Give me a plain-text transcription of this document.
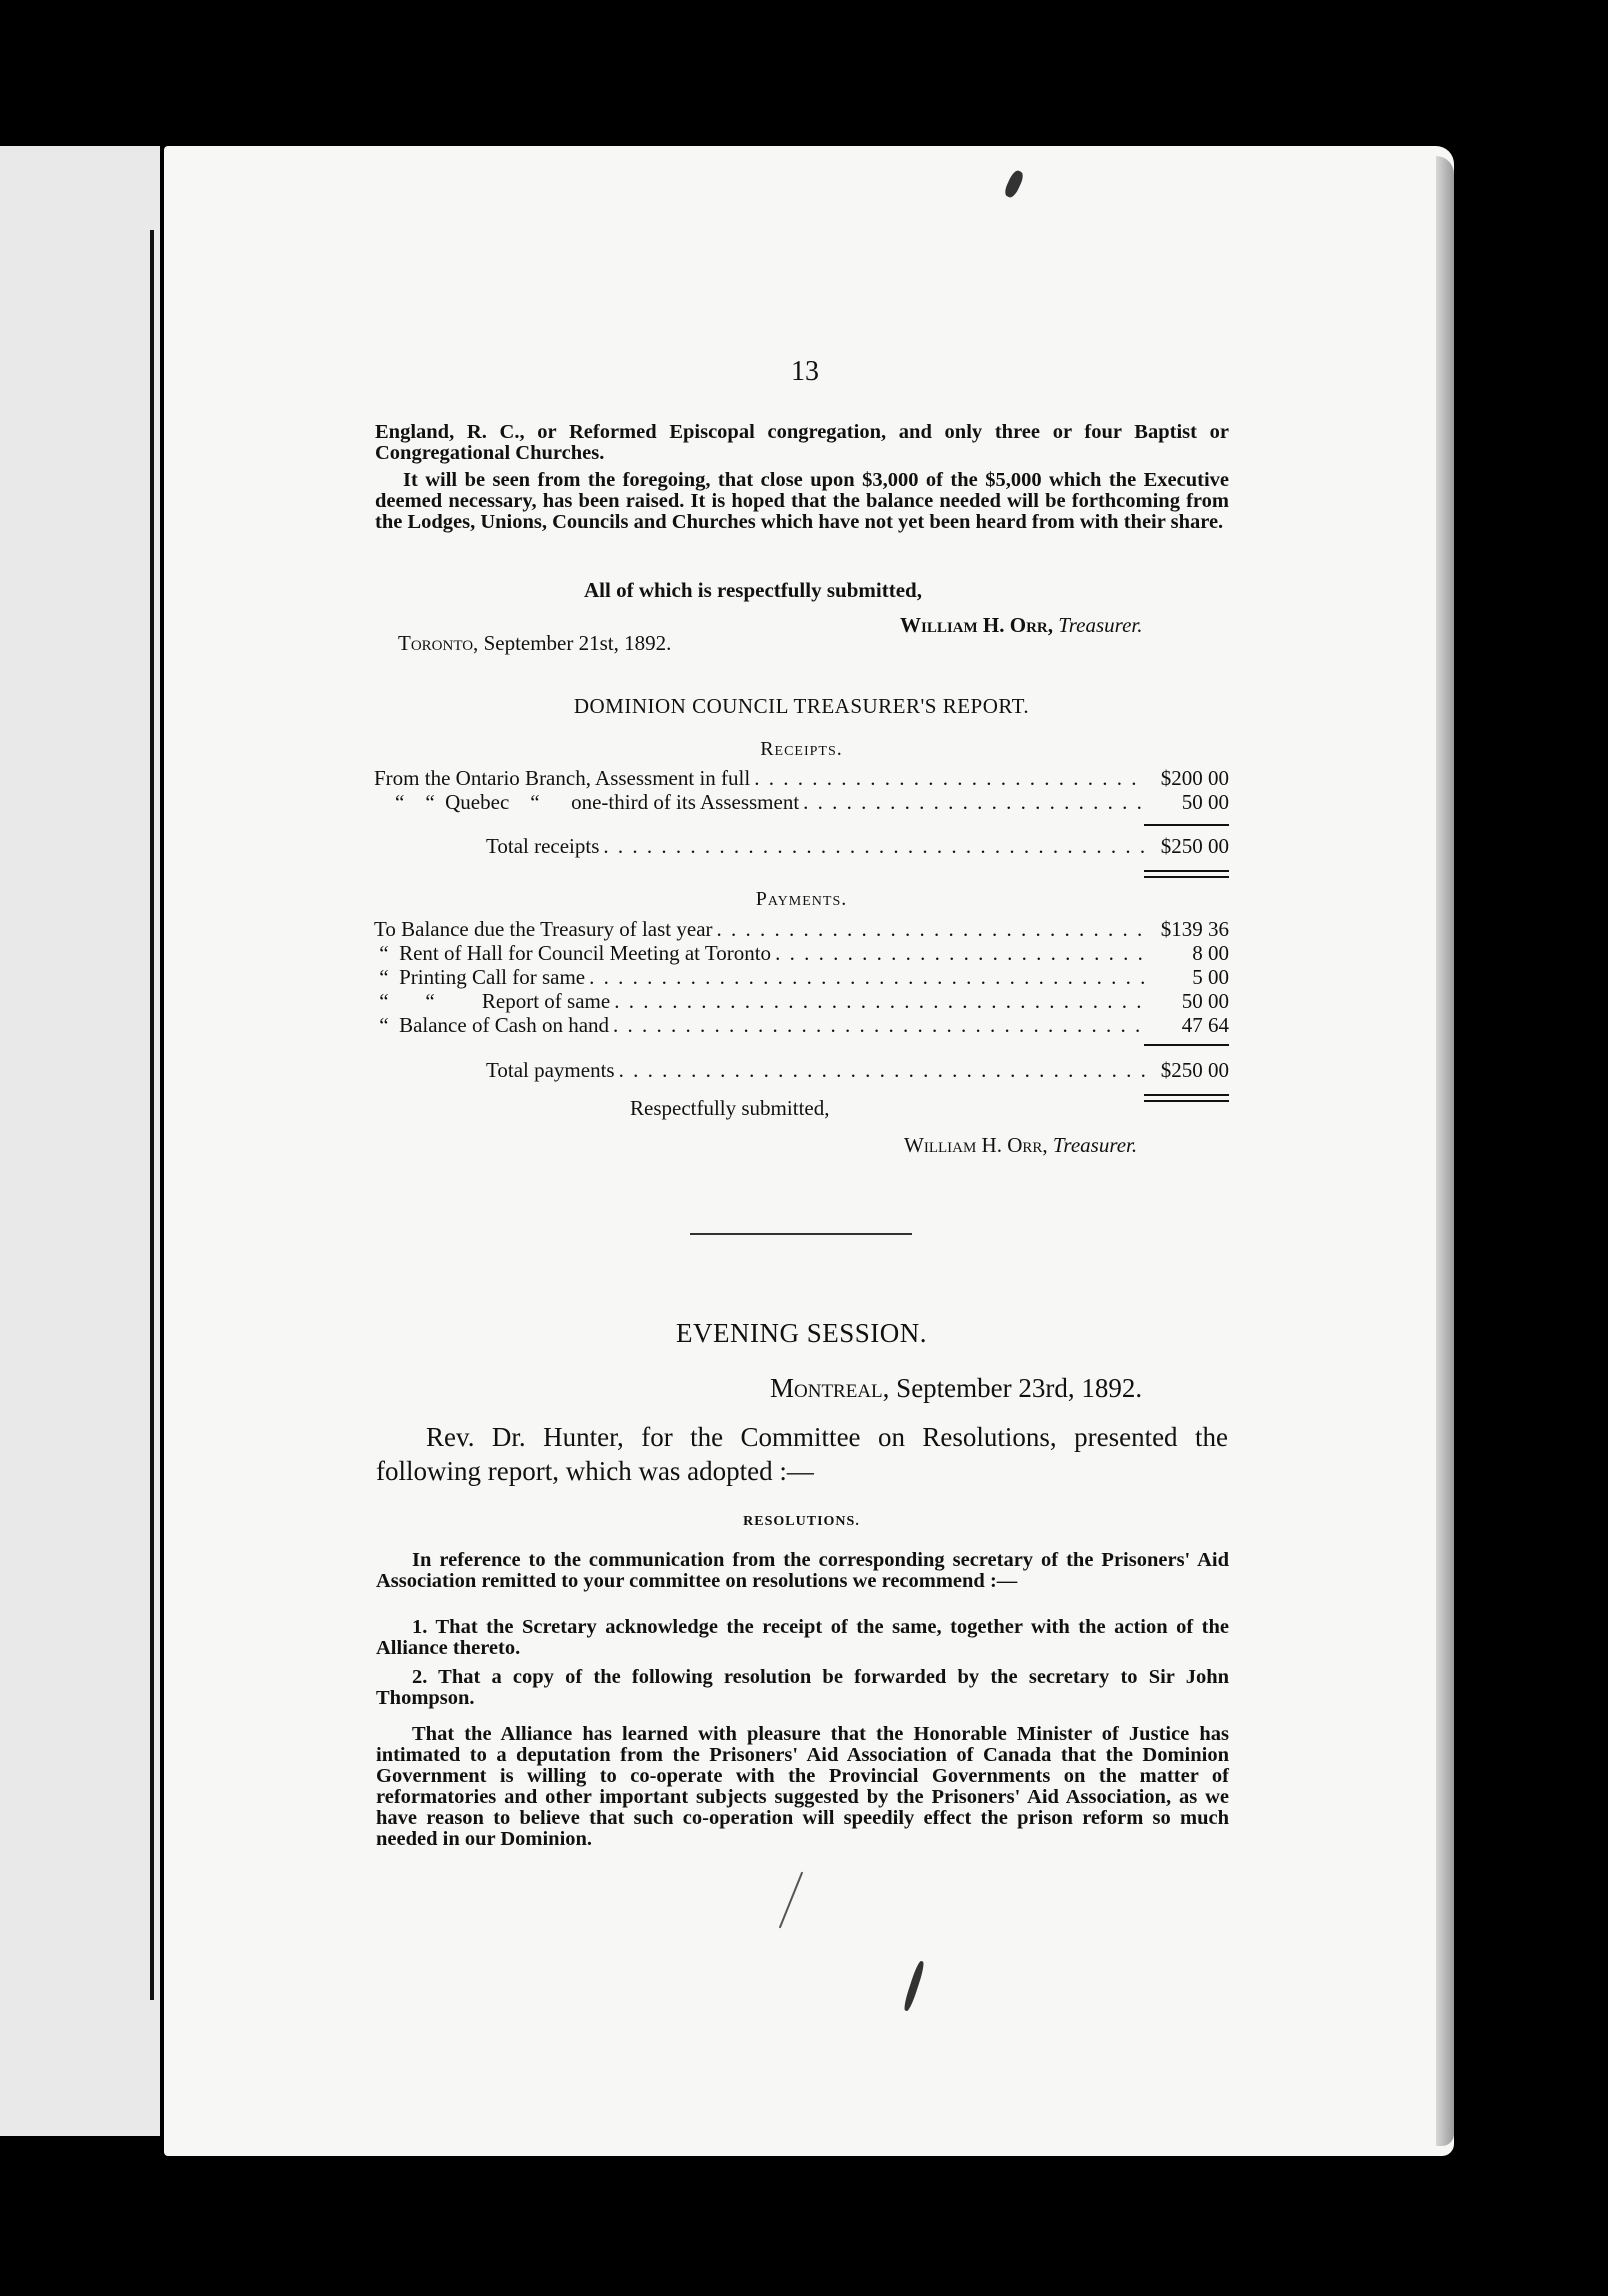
13
England, R. C., or Reformed Episcopal congregation, and only three or four Baptist or Congregational Churches.
It will be seen from the foregoing, that close upon $3,000 of the $5,000 which the Executive deemed necessary, has been raised. It is hoped that the balance needed will be forthcoming from the Lodges, Unions, Councils and Churches which have not yet been heard from with their share.
All of which is respectfully submitted,
William H. Orr, Treasurer.
Toronto, September 21st, 1892.
DOMINION COUNCIL TREASURER'S REPORT.
Receipts.
From the Ontario Branch, Assessment in full . . .	$200 00
“    “  Quebec    “      one-third of its Assessment . . .	50 00
Total receipts . . .	$250 00
Payments.
To Balance due the Treasury of last year . . .	$139 36
“  Rent of Hall for Council Meeting at Toronto . . .	8 00
“  Printing Call for same . . .	5 00
“       “         Report of same . . .	50 00
“  Balance of Cash on hand . . .	47 64
Total payments . . .	$250 00
Respectfully submitted,
William H. Orr, Treasurer.
EVENING SESSION.
Montreal, September 23rd, 1892.
Rev. Dr. Hunter, for the Committee on Resolutions, presented the following report, which was adopted :—
RESOLUTIONS.
In reference to the communication from the corresponding secretary of the Prisoners' Aid Association remitted to your committee on resolutions we recommend :—
1. That the Scretary acknowledge the receipt of the same, together with the action of the Alliance thereto.
2. That a copy of the following resolution be forwarded by the secretary to Sir John Thompson.
That the Alliance has learned with pleasure that the Honorable Minister of Justice has intimated to a deputation from the Prisoners' Aid Association of Canada that the Dominion Government is willing to co-operate with the Provincial Governments on the matter of reformatories and other important subjects suggested by the Prisoners' Aid Association, as we have reason to believe that such co-operation will speedily effect the prison reform so much needed in our Dominion.
